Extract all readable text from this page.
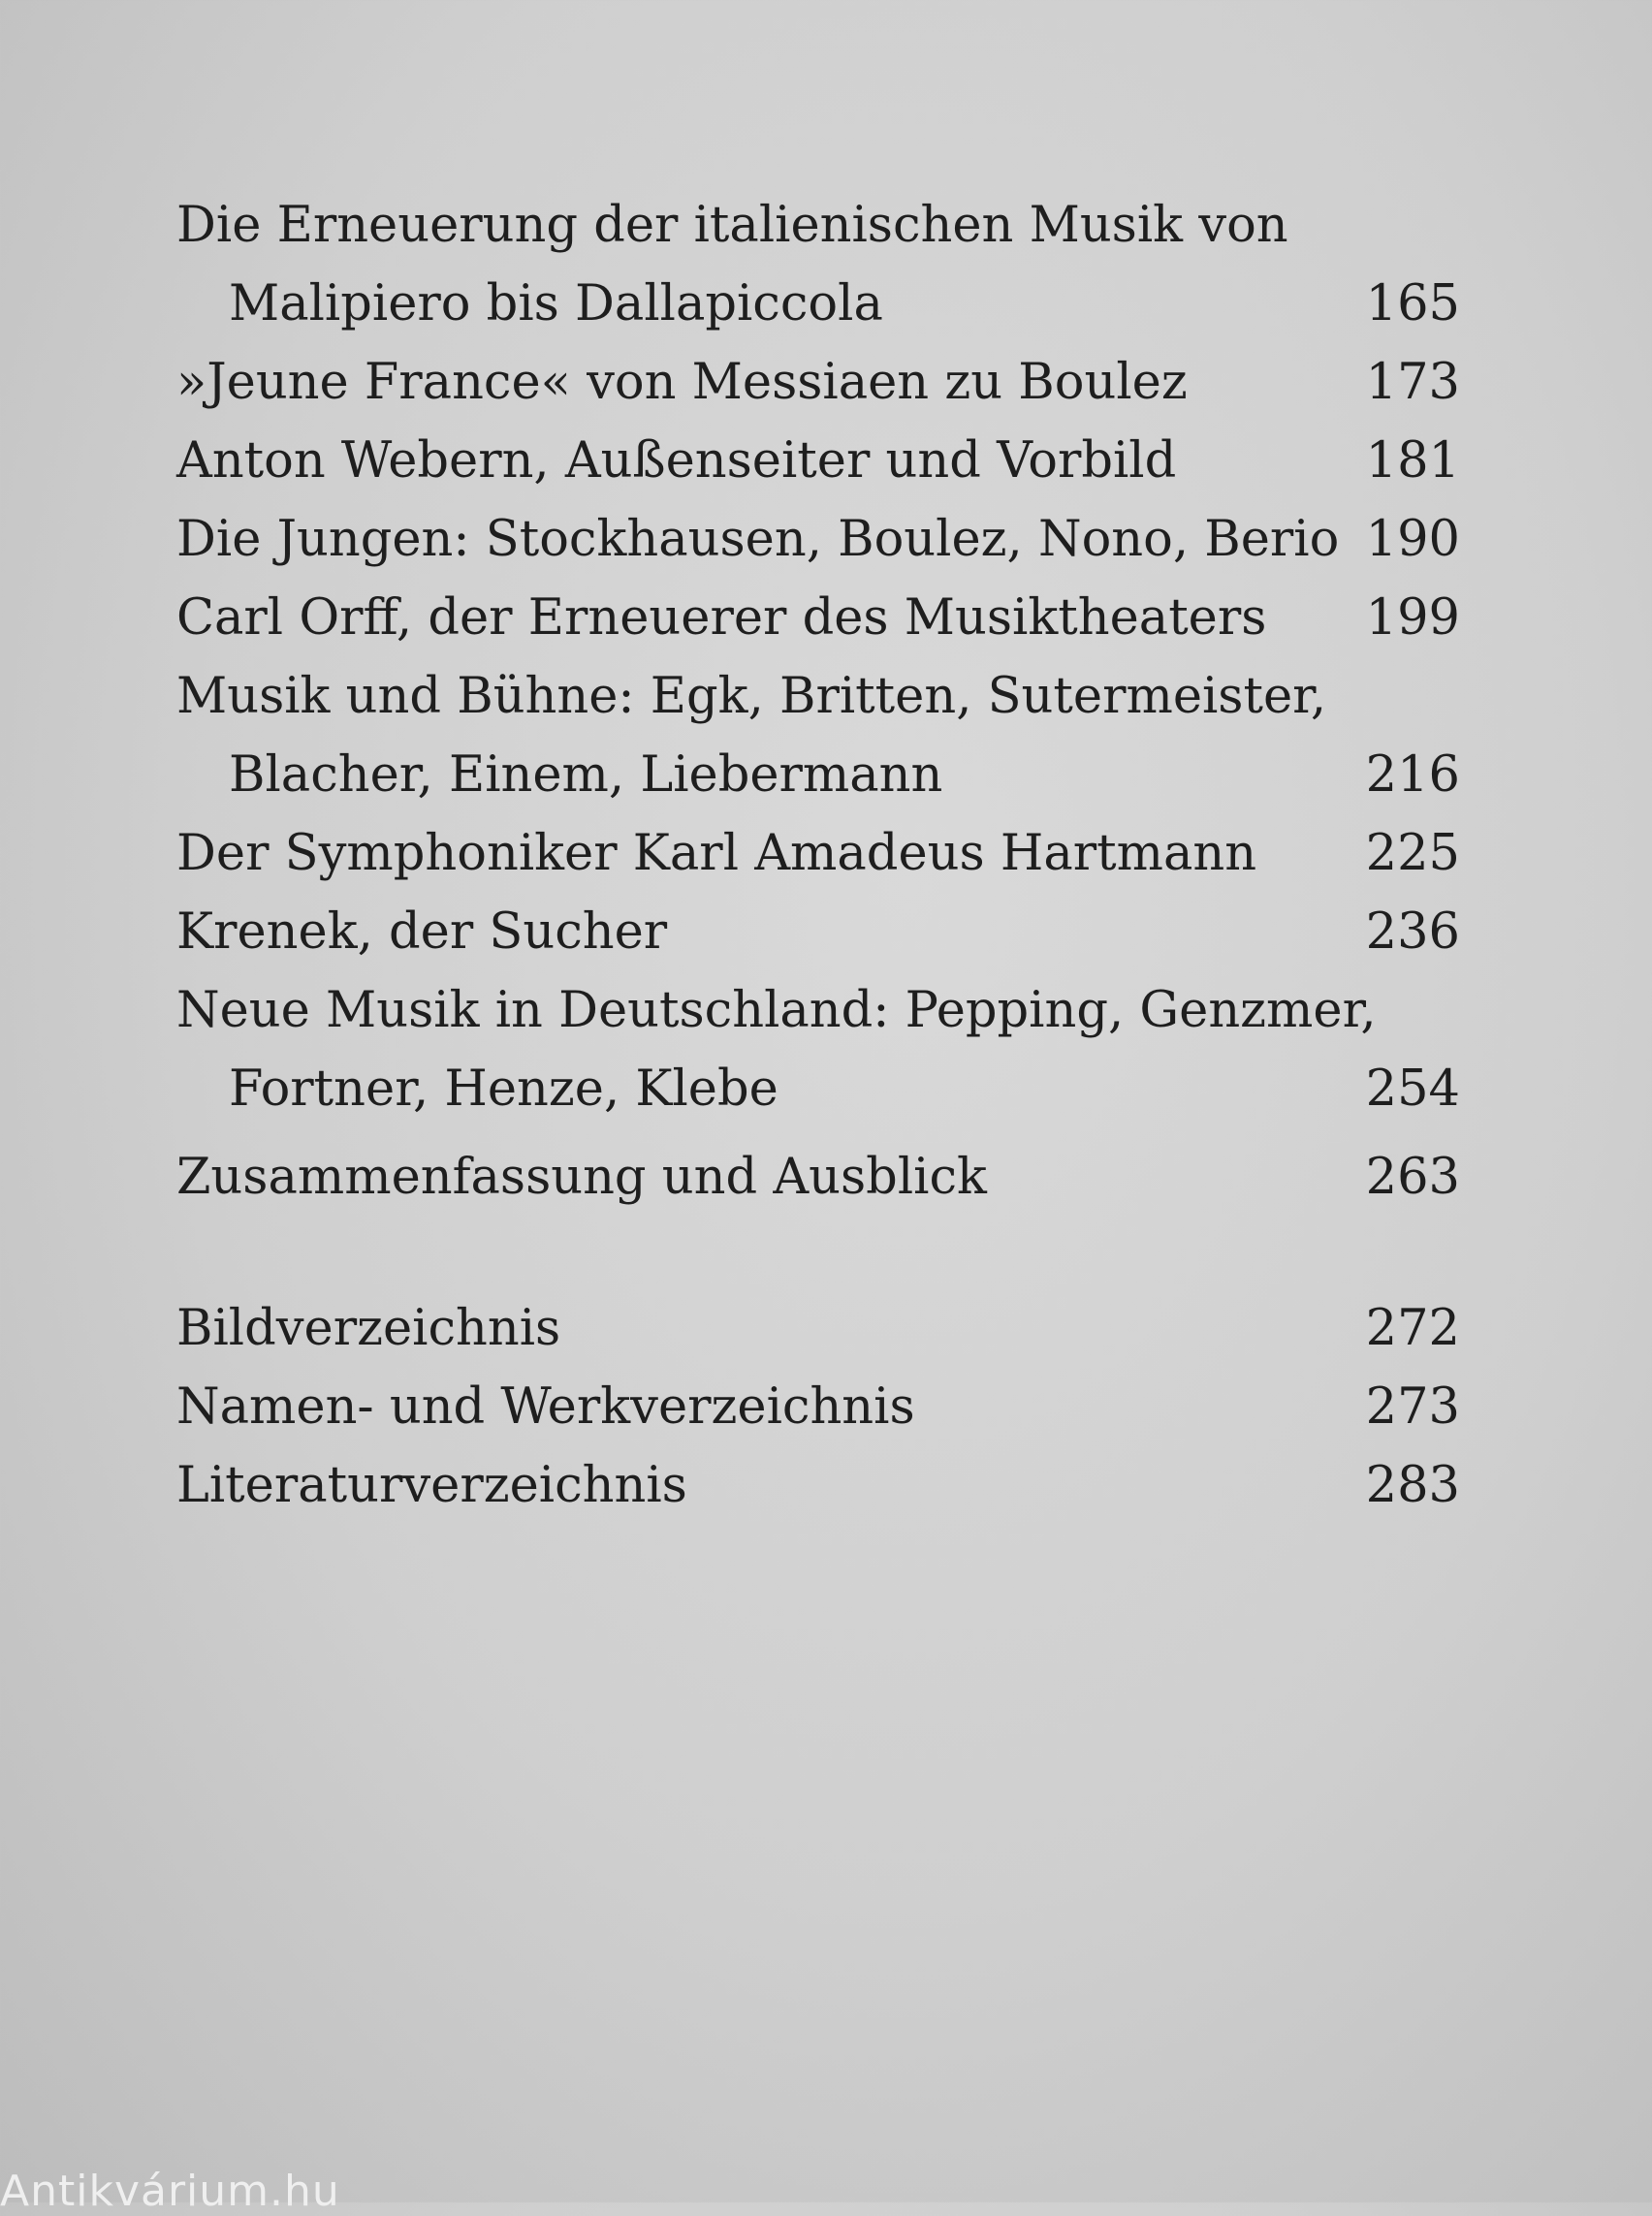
Die Erneuerung der italienischen Musik von
Malipiero bis Dallapiccola	165
»Jeune France« von Messiaen zu Boulez	173
Anton Webern, Außenseiter und Vorbild	181
Die Jungen: Stockhausen, Boulez, Nono, Berio 190
Carl Orff, der Erneuerer des Musiktheaters 199
Musik und Bühne: Egk, Britten, Sutermeister,
Blacher, Einem, Liebermann	216
Der Symphoniker Karl Amadeus Hartmann 225
Krenek, der Sucher	236
Neue Musik in Deutschland: Pepping, Genzmer,
Fortner, Henze, Klebe	254
Zusammenfassung und Ausblick	263
Bildverzeichnis	272
Namen- und Werkverzeichnis	273
Literaturverzeichnis	283
Antikvárium.hu
